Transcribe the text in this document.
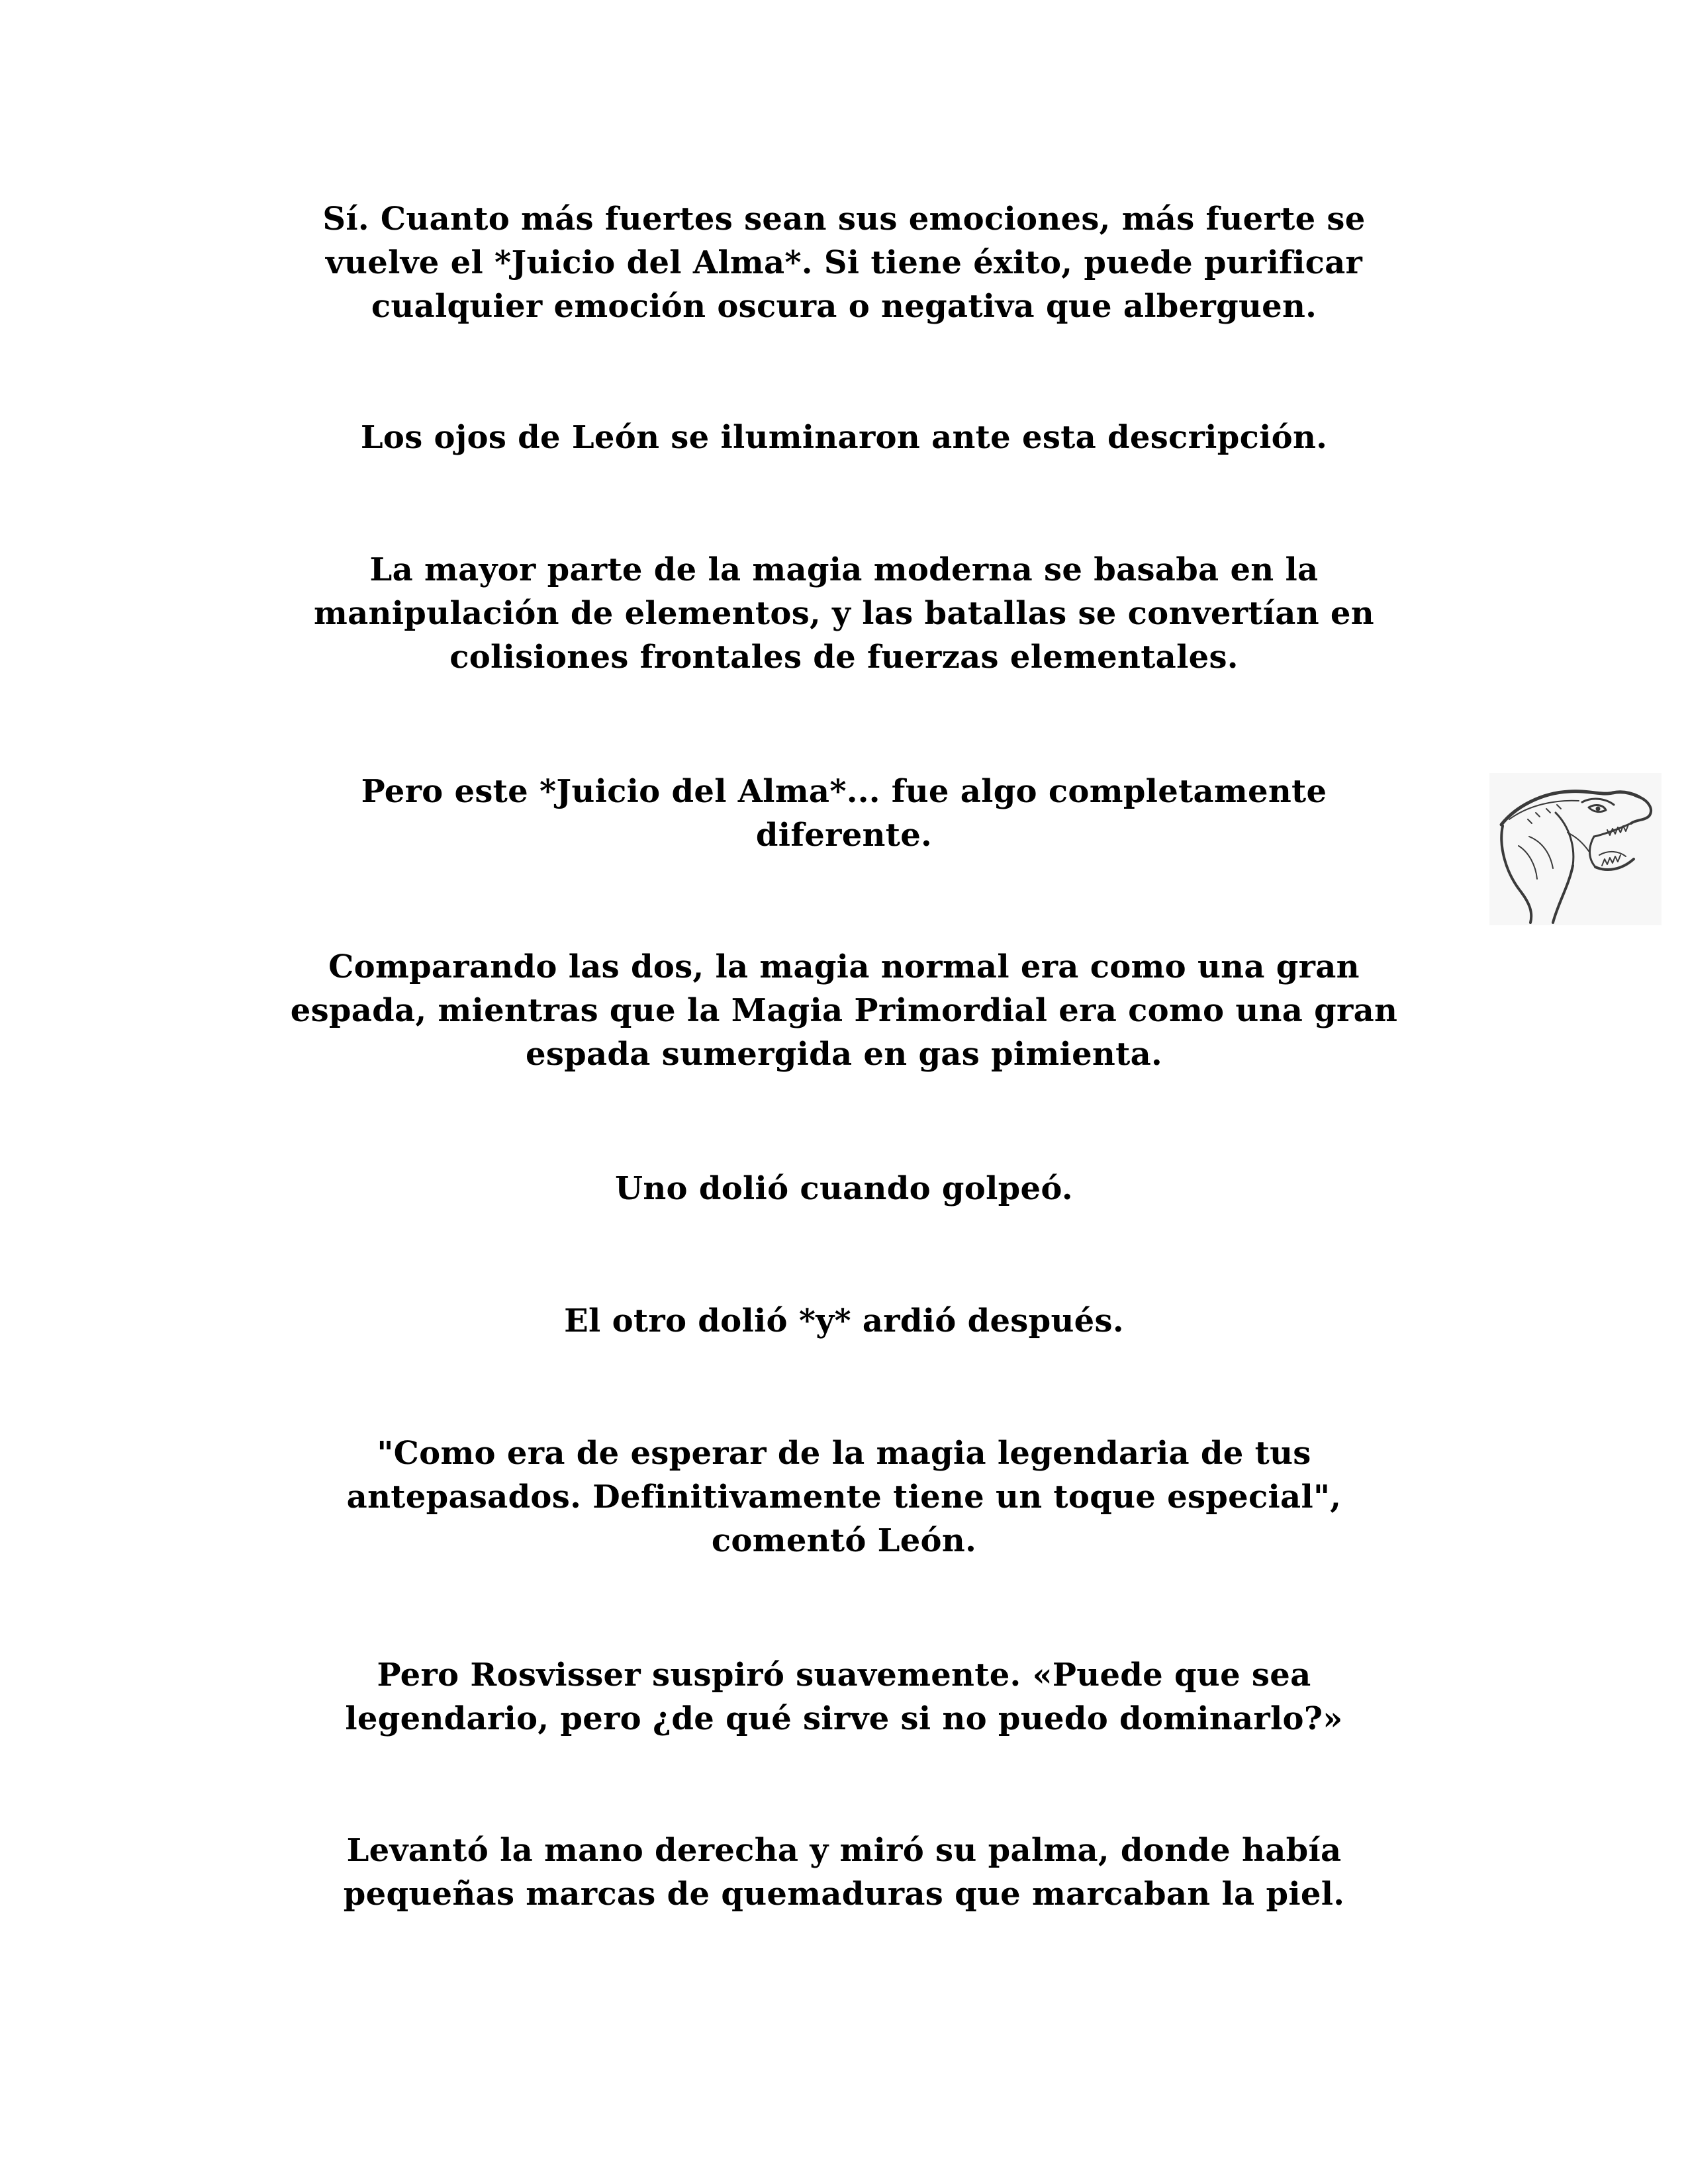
Sí. Cuanto más fuertes sean sus emociones, más fuerte se
vuelve el *Juicio del Alma*. Si tiene éxito, puede purificar
cualquier emoción oscura o negativa que alberguen.

Los ojos de León se iluminaron ante esta descripción.

La mayor parte de la magia moderna se basaba en la
manipulación de elementos, y las batallas se convertían en
colisiones frontales de fuerzas elementales.

Pero este *Juicio del Alma*... fue algo completamente
diferente.

Comparando las dos, la magia normal era como una gran
espada, mientras que la Magia Primordial era como una gran
espada sumergida en gas pimienta.

Uno dolió cuando golpeó.

El otro dolió *y* ardió después.

"Como era de esperar de la magia legendaria de tus
antepasados. Definitivamente tiene un toque especial",
comentó León.

Pero Rosvisser suspiró suavemente. «Puede que sea
legendario, pero ¿de qué sirve si no puedo dominarlo?»

Levantó la mano derecha y miró su palma, donde había
pequeñas marcas de quemaduras que marcaban la piel.
